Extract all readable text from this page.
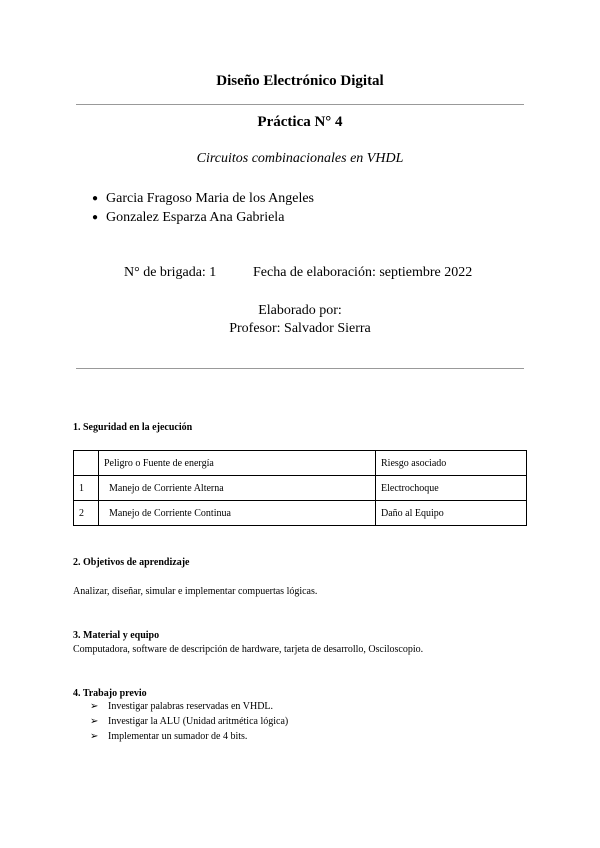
Diseño Electrónico Digital
Práctica N° 4
Circuitos combinacionales en VHDL
● Garcia Fragoso Maria de los Angeles
● Gonzalez Esparza Ana Gabriela
N° de brigada: 1	Fecha de elaboración: septiembre 2022
Elaborado por:
Profesor: Salvador Sierra
1. Seguridad en la ejecución
	Peligro o Fuente de energía	Riesgo asociado
1	Manejo de Corriente Alterna	Electrochoque
2	Manejo de Corriente Continua	Daño al Equipo
2. Objetivos de aprendizaje
Analizar, diseñar, simular e implementar compuertas lógicas.
3. Material y equipo
Computadora, software de descripción de hardware, tarjeta de desarrollo, Osciloscopio.
4. Trabajo previo
➢ Investigar palabras reservadas en VHDL.
➢ Investigar la ALU (Unidad aritmética lógica)
➢ Implementar un sumador de 4 bits.
